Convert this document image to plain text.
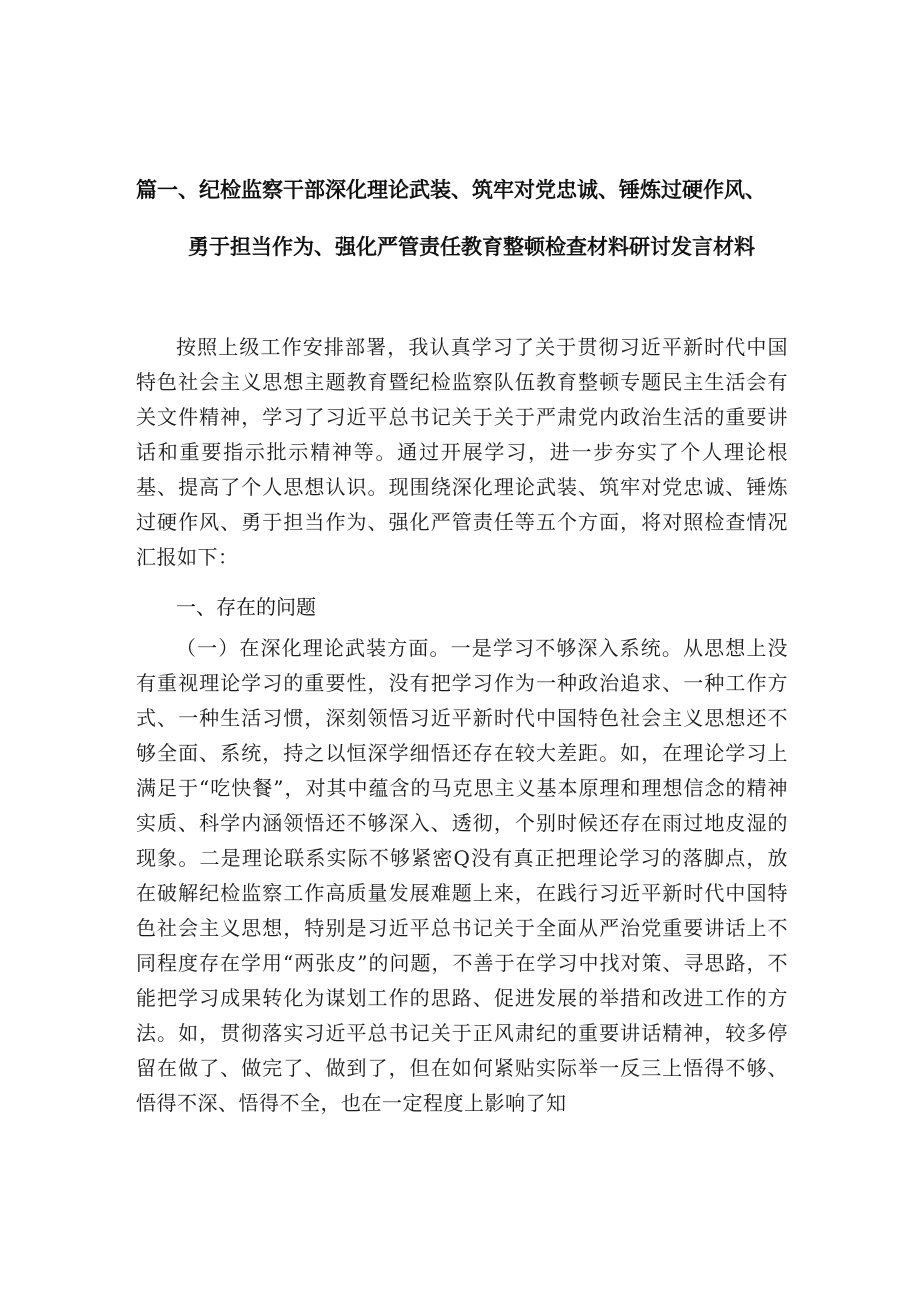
篇一、纪检监察干部深化理论武装、筑牢对党忠诚、锤炼过硬作风、
勇于担当作为、强化严管责任教育整顿检查材料研讨发言材料

按照上级工作安排部署，我认真学习了关于贯彻习近平新时代中国特色社会主义思想主题教育暨纪检监察队伍教育整顿专题民主生活会有关文件精神，学习了习近平总书记关于关于严肃党内政治生活的重要讲话和重要指示批示精神等。通过开展学习，进一步夯实了个人理论根基、提高了个人思想认识。现围绕深化理论武装、筑牢对党忠诚、锤炼过硬作风、勇于担当作为、强化严管责任等五个方面，将对照检查情况汇报如下：

一、存在的问题

（一）在深化理论武装方面。一是学习不够深入系统。从思想上没有重视理论学习的重要性，没有把学习作为一种政治追求、一种工作方式、一种生活习惯，深刻领悟习近平新时代中国特色社会主义思想还不够全面、系统，持之以恒深学细悟还存在较大差距。如，在理论学习上满足于“吃快餐”，对其中蕴含的马克思主义基本原理和理想信念的精神实质、科学内涵领悟还不够深入、透彻，个别时候还存在雨过地皮湿的现象。二是理论联系实际不够紧密Q没有真正把理论学习的落脚点，放在破解纪检监察工作高质量发展难题上来，在践行习近平新时代中国特色社会主义思想，特别是习近平总书记关于全面从严治党重要讲话上不同程度存在学用“两张皮”的问题，不善于在学习中找对策、寻思路，不能把学习成果转化为谋划工作的思路、促进发展的举措和改进工作的方法。如，贯彻落实习近平总书记关于正风肃纪的重要讲话精神，较多停留在做了、做完了、做到了，但在如何紧贴实际举一反三上悟得不够、悟得不深、悟得不全，也在一定程度上影响了知
